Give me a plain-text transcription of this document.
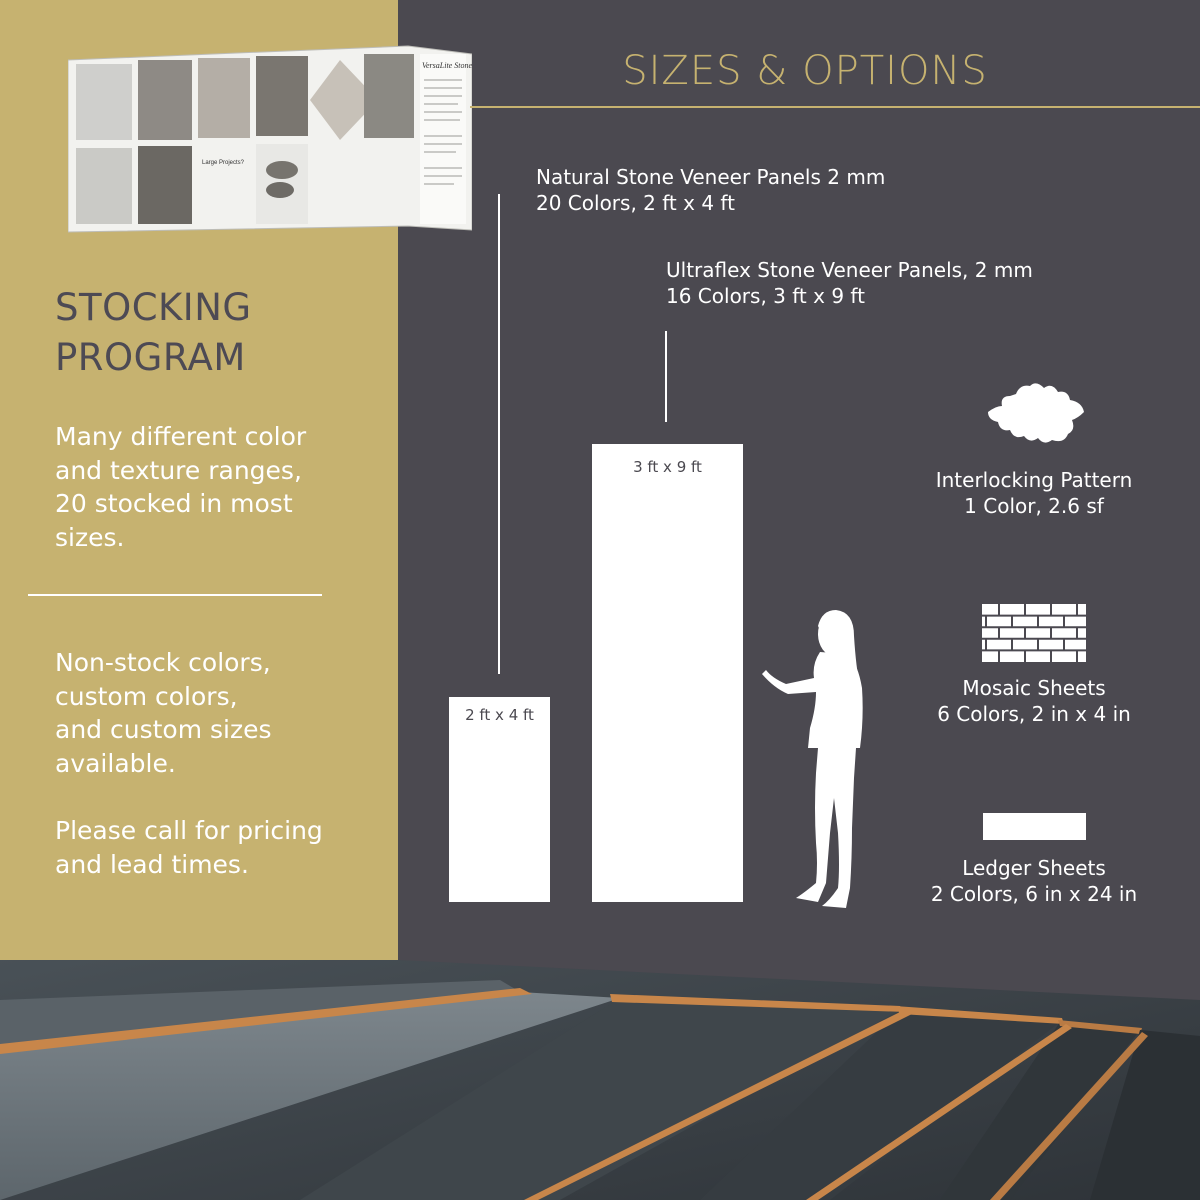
VersaLite Stone
Large Projects?
SIZES & OPTIONS
STOCKING
PROGRAM
Many different color
and texture ranges,
20 stocked in most
sizes.
Non-stock colors,
custom colors,
and custom sizes
available.
Please call for pricing
and lead times.
Natural Stone Veneer Panels 2 mm
20 Colors, 2 ft x 4 ft
2 ft x 4 ft
Ultraflex Stone Veneer Panels, 2 mm
16 Colors, 3 ft x 9 ft
3 ft x 9 ft
Interlocking Pattern
1 Color, 2.6 sf
Mosaic Sheets
6 Colors, 2 in x 4 in
Ledger Sheets
2 Colors, 6 in x 24 in
